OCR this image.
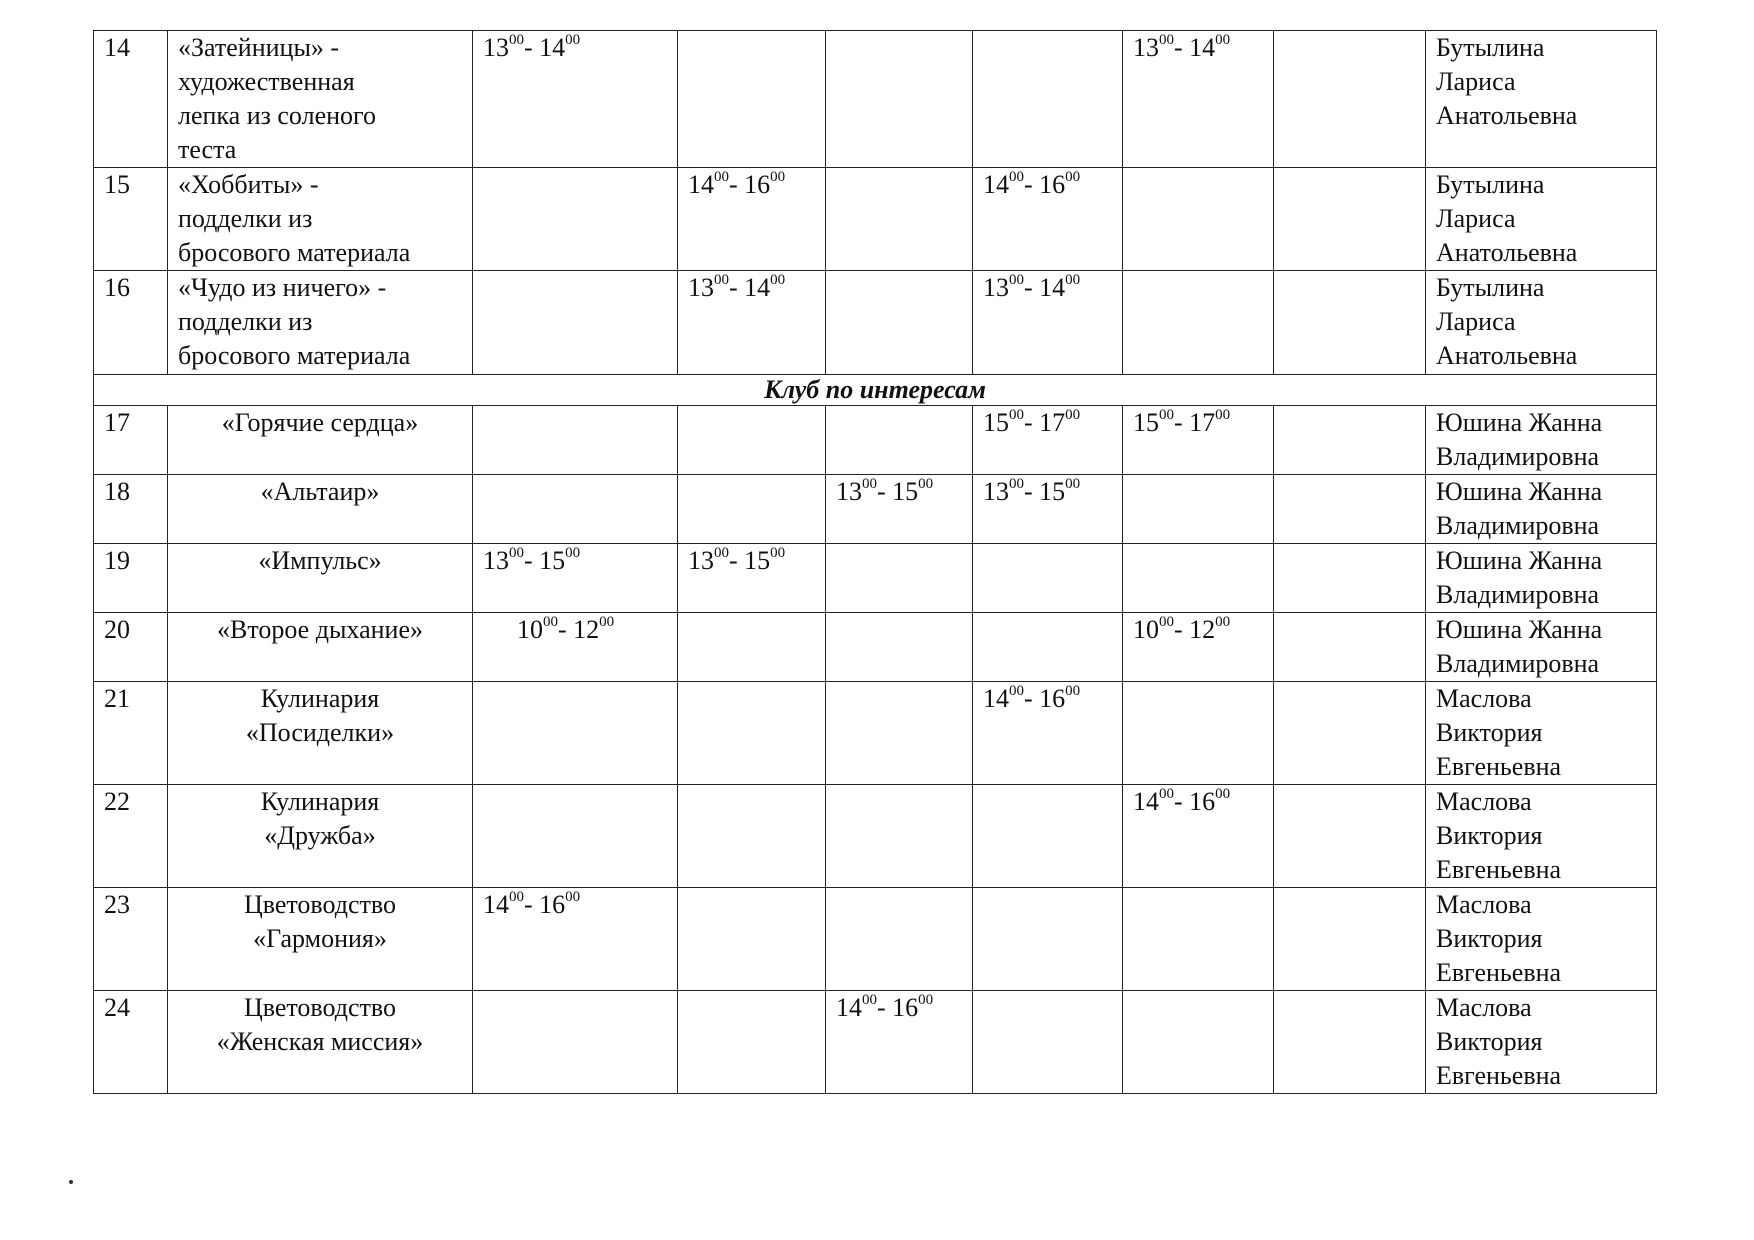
14	«Затейницы» -
художественная
лепка из соленого
теста	$13^{00}-$ $14^{00}$				$13^{00}-$ $14^{00}$		Бутылина
Лариса
Анатольевна

15	«Хоббиты» -
подделки из
бросового материала		$14^{00}-$ $16^{00}$		$14^{00}-$ $16^{00}$			Бутылина
Лариса
Анатольевна

16	«Чудо из ничего» -
подделки из
бросового материала		$13^{00}-$ $14^{00}$		$13^{00}-$ $14^{00}$			Бутылина
Лариса
Анатольевна

Клуб по интересам								
17	«Горячие сердца»				$15^{00}-$ $17^{00}$	$15^{00}-$ $17^{00}$		Юшина Жанна
Владимировна

18	«Альтаир»			$13^{00}-$ $15^{00}$	$13^{00}-$ $15^{00}$			Юшина Жанна
Владимировна

19	«Импульс»	$13^{00}-$ $15^{00}$	$13^{00}-$ $15^{00}$					Юшина Жанна
Владимировна

20	«Второе дыхание»	$10^{00}-$ $12^{00}$				$10^{00}-$ $12^{00}$		Юшина Жанна
Владимировна

21	Кулинария
«Посиделки»				$14^{00}-$ $16^{00}$			Маслова
Виктория
Евгеньевна

22	Кулинария
«Дружба»					$14^{00}-$ $16^{00}$		Маслова
Виктория
Евгеньевна

23	Цветоводство
«Гармония»	$14^{00}-$ $16^{00}$						Маслова
Виктория
Евгеньевна

24	Цветоводство
«Женская миссия»			$14^{00}-$ $16^{00}$				Маслова
Виктория
Евгеньевна
